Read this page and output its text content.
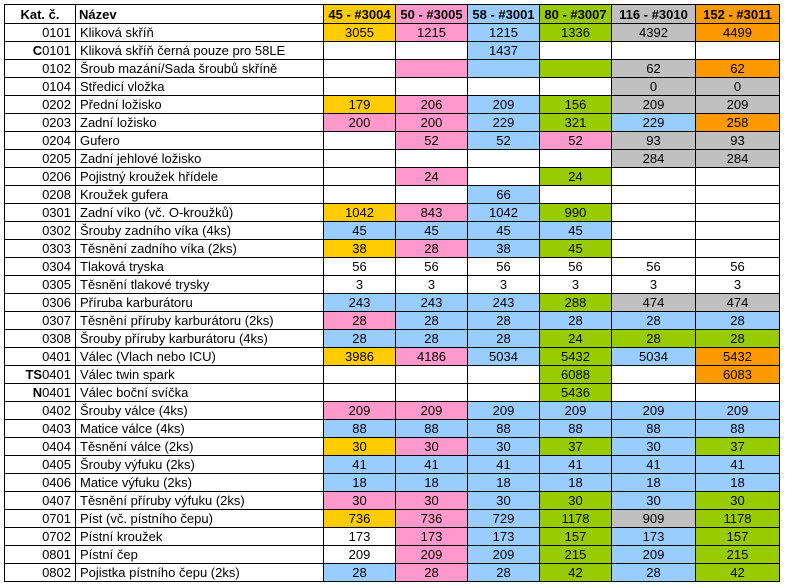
Kat. č.	Název	45 - #3004	50 - #3005	58 - #3001	80 - #3007	116 - #3010	152 - #3011
0101	Kliková skříň	3055	1215	1215	1336	4392	4499
C0101	Kliková skříň černá pouze pro 58LE			1437			
0102	Šroub mazání/Sada šroubů skříně					62	62
0104	Středicí vložka					0	0
0202	Přední ložisko	179	206	209	156	209	209
0203	Zadní ložisko	200	200	229	321	229	258
0204	Gufero		52	52	52	93	93
0205	Zadní jehlové ložisko					284	284
0206	Pojistný kroužek hřídele		24		24		
0208	Kroužek gufera			66			
0301	Zadní víko (vč. O-kroužků)	1042	843	1042	990		
0302	Šrouby zadního víka (4ks)	45	45	45	45		
0303	Těsnění zadního víka (2ks)	38	28	38	45		
0304	Tlaková tryska	56	56	56	56	56	56
0305	Těsnění tlakové trysky	3	3	3	3	3	3
0306	Příruba karburátoru	243	243	243	288	474	474
0307	Těsnění příruby karburátoru (2ks)	28	28	28	28	28	28
0308	Šrouby příruby karburátoru (4ks)	28	28	28	24	28	28
0401	Válec (Vlach nebo ICU)	3986	4186	5034	5432	5034	5432
TS0401	Válec twin spark				6088		6083
N0401	Válec boční svíčka				5436		
0402	Šrouby válce (4ks)	209	209	209	209	209	209
0403	Matice válce (4ks)	88	88	88	88	88	88
0404	Těsnění válce (2ks)	30	30	30	37	30	37
0405	Šrouby výfuku (2ks)	41	41	41	41	41	41
0406	Matice výfuku (2ks)	18	18	18	18	18	18
0407	Těsnění příruby výfuku (2ks)	30	30	30	30	30	30
0701	Píst (vč. pístního čepu)	736	736	729	1178	909	1178
0702	Pístní kroužek	173	173	173	157	173	157
0801	Pístní čep	209	209	209	215	209	215
0802	Pojistka pístního čepu (2ks)	28	28	28	42	28	42
